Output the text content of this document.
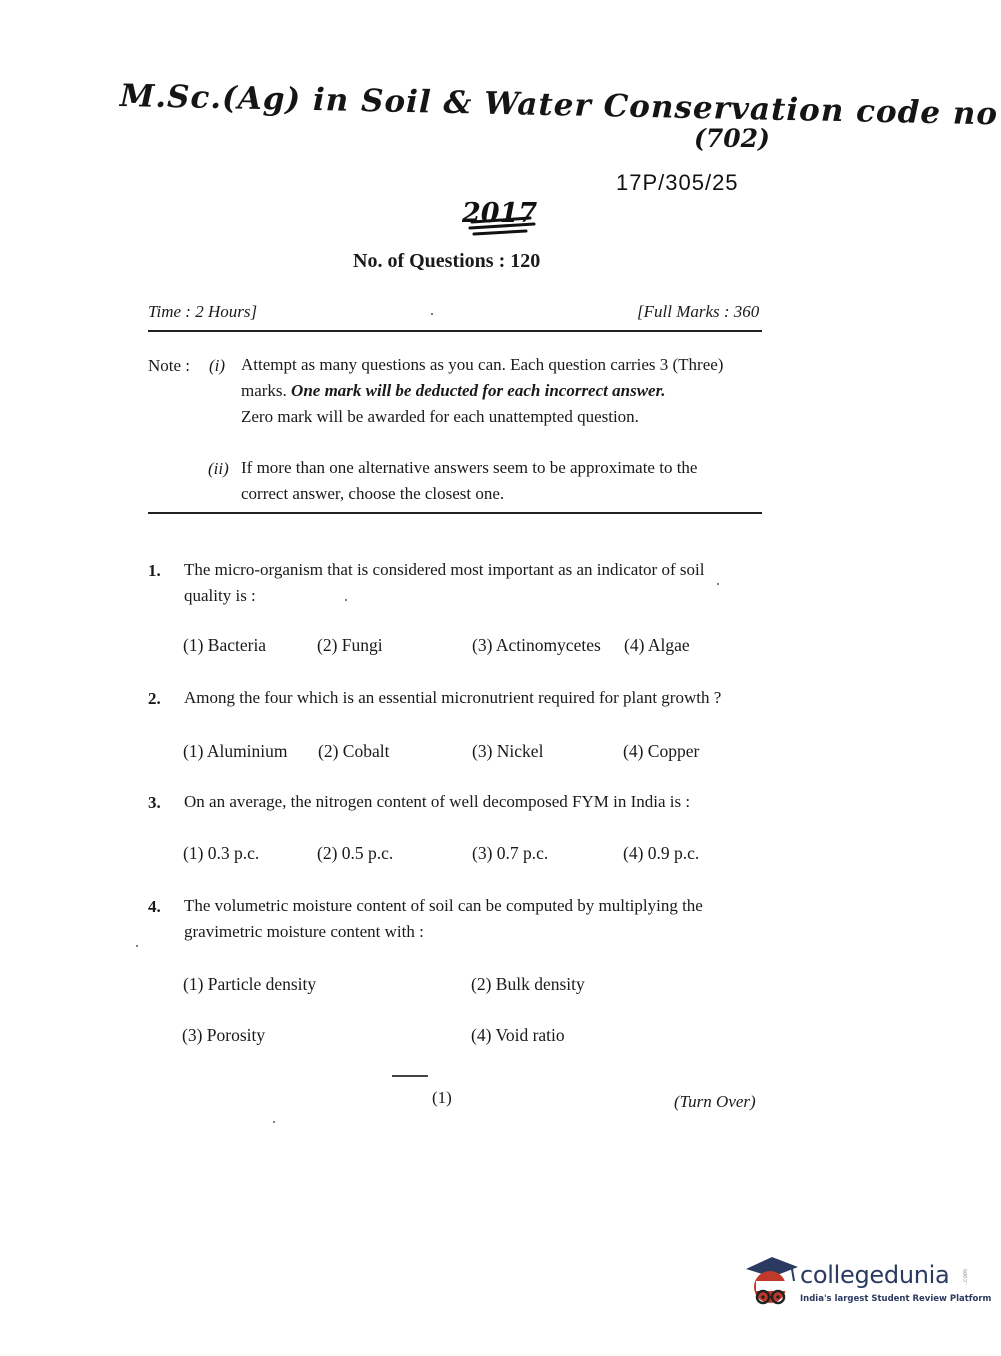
M.Sc.(Ag) in Soil & Water Conservation code no
(702)
17P/305/25
2017
No. of Questions : 120
Time : 2 Hours]	[Full Marks : 360
Note : (i) Attempt as many questions as you can. Each question carries 3 (Three)
marks. One mark will be deducted for each incorrect answer.
Zero mark will be awarded for each unattempted question.
(ii) If more than one alternative answers seem to be approximate to the
correct answer, choose the closest one.
1. The micro-organism that is considered most important as an indicator of soil
quality is :
(1) Bacteria	(2) Fungi	(3) Actinomycetes (4) Algae
2. Among the four which is an essential micronutrient required for plant growth ?
(1) Aluminium (2) Cobalt	(3) Nickel	(4) Copper
3. On an average, the nitrogen content of well decomposed FYM in India is :
(1) 0.3 p.c.	(2) 0.5 p.c.	(3) 0.7 p.c.	(4) 0.9 p.c.
4. The volumetric moisture content of soil can be computed by multiplying the
gravimetric moisture content with :
(1) Particle density	(2) Bulk density
(3) Porosity	(4) Void ratio
(1)	(Turn Over)
collegedunia .com
India's largest Student Review Platform
